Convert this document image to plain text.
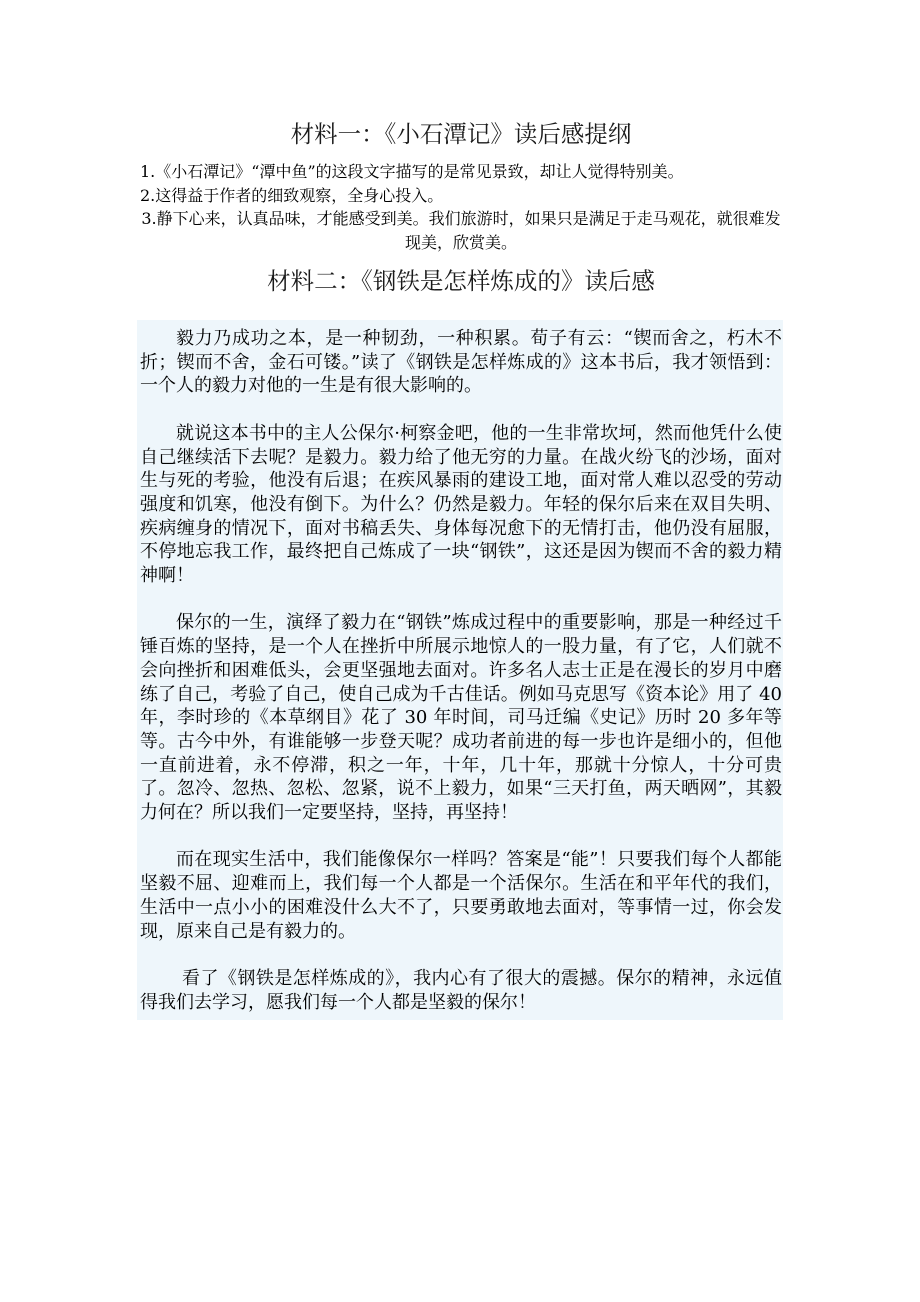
材料一：《小石潭记》读后感提纲
1.《小石潭记》“潭中鱼”的这段文字描写的是常见景致，却让人觉得特别美。
2.这得益于作者的细致观察，全身心投入。
3.静下心来，认真品味，才能感受到美。我们旅游时，如果只是满足于走马观花，就很难发现美，欣赏美。
材料二：《钢铁是怎样炼成的》读后感

毅力乃成功之本，是一种韧劲，一种积累。荀子有云：“锲而舍之，朽木不折；锲而不舍，金石可镂。”读了《钢铁是怎样炼成的》这本书后，我才领悟到：一个人的毅力对他的一生是有很大影响的。

就说这本书中的主人公保尔·柯察金吧，他的一生非常坎坷，然而他凭什么使自己继续活下去呢？是毅力。毅力给了他无穷的力量。在战火纷飞的沙场，面对生与死的考验，他没有后退；在疾风暴雨的建设工地，面对常人难以忍受的劳动强度和饥寒，他没有倒下。为什么？仍然是毅力。年轻的保尔后来在双目失明、疾病缠身的情况下，面对书稿丢失、身体每况愈下的无情打击，他仍没有屈服，不停地忘我工作，最终把自己炼成了一块“钢铁”，这还是因为锲而不舍的毅力精神啊！

保尔的一生，演绎了毅力在“钢铁”炼成过程中的重要影响，那是一种经过千锤百炼的坚持，是一个人在挫折中所展示地惊人的一股力量，有了它，人们就不会向挫折和困难低头，会更坚强地去面对。许多名人志士正是在漫长的岁月中磨练了自己，考验了自己，使自己成为千古佳话。例如马克思写《资本论》用了 40 年，李时珍的《本草纲目》花了 30 年时间，司马迁编《史记》历时 20 多年等等。古今中外，有谁能够一步登天呢？成功者前进的每一步也许是细小的，但他一直前进着，永不停滞，积之一年，十年，几十年，那就十分惊人，十分可贵了。忽冷、忽热、忽松、忽紧，说不上毅力，如果“三天打鱼，两天晒网”，其毅力何在？所以我们一定要坚持，坚持，再坚持！

而在现实生活中，我们能像保尔一样吗？答案是“能”！只要我们每个人都能坚毅不屈、迎难而上，我们每一个人都是一个活保尔。生活在和平年代的我们，生活中一点小小的困难没什么大不了，只要勇敢地去面对，等事情一过，你会发现，原来自己是有毅力的。

看了《钢铁是怎样炼成的》，我内心有了很大的震撼。保尔的精神，永远值得我们去学习，愿我们每一个人都是坚毅的保尔！
